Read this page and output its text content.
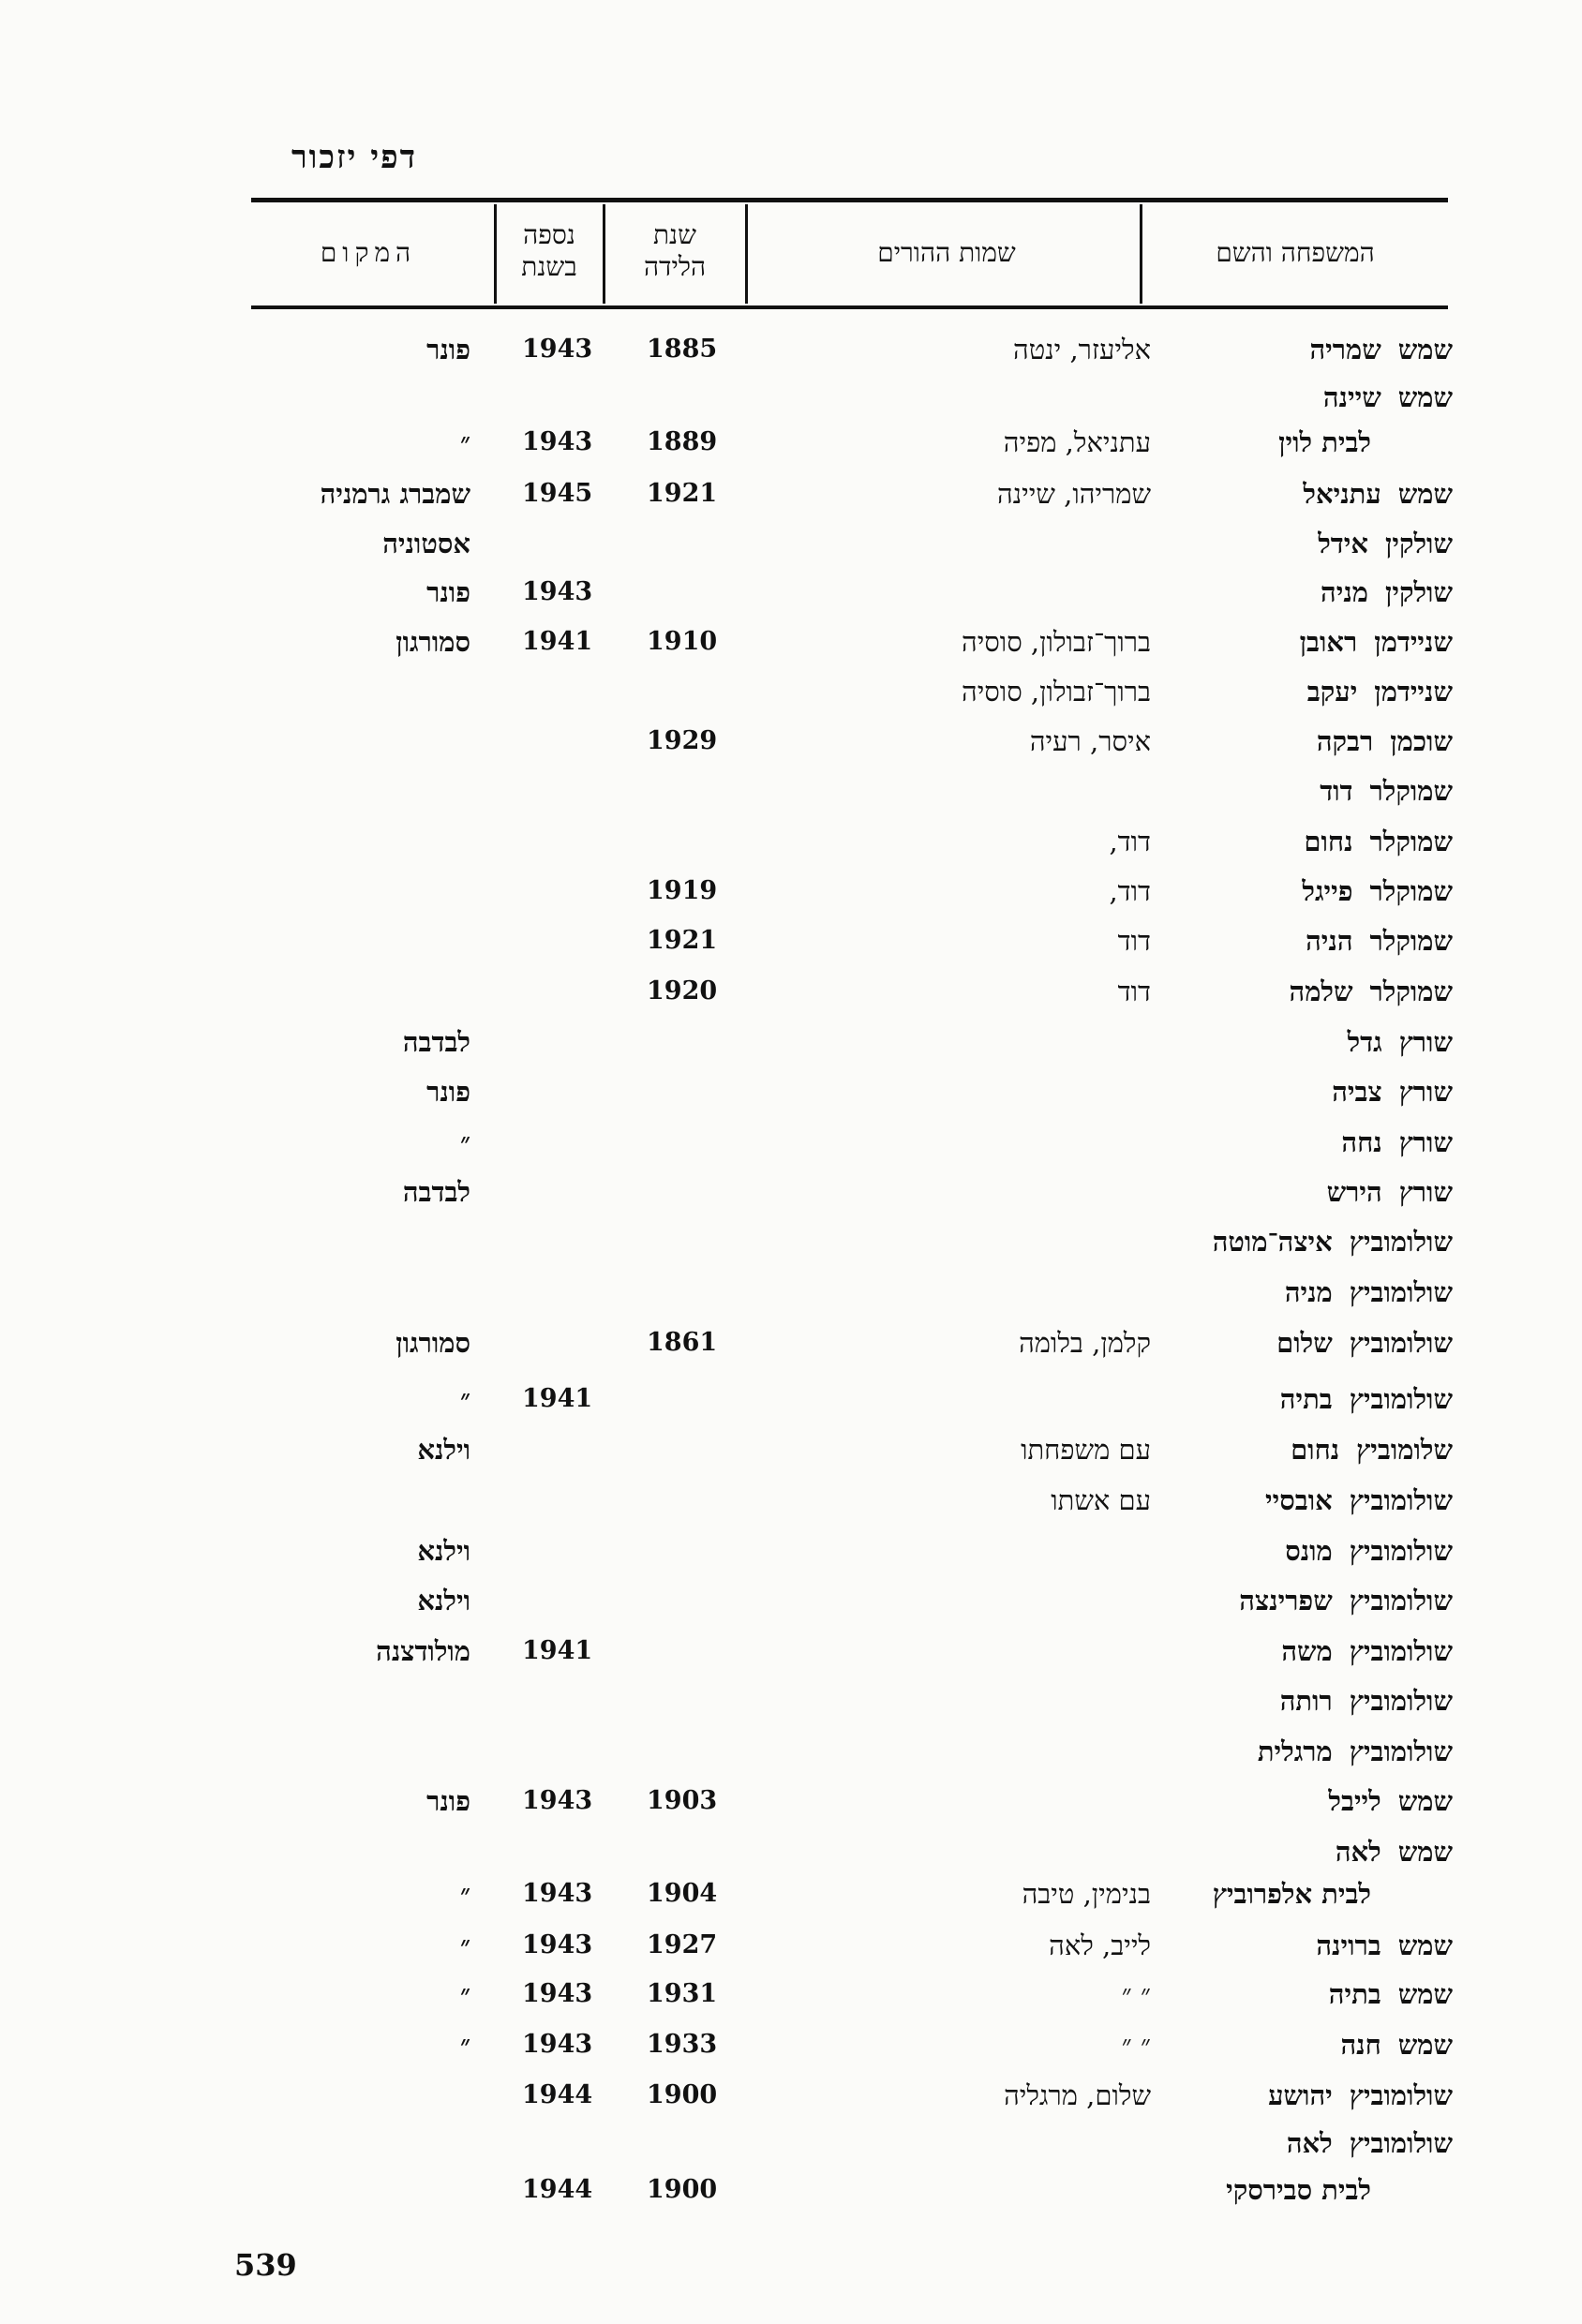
דפי יזכור
המשפחה והשם
שמות ההורים
שנת
הלידה
נספה
בשנת
המקום
שמששמריה
אליעזר, ינטה
1885
1943
פונר
שמששיינה
לבית לוין
עתניאל, מפיה
1889
1943
״
שמשעתניאל
שמריהו, שיינה
1921
1945
שמברג גרמניה
שולקיןאידל
אסטוניה
שולקיןמניה
1943
פונר
שניידמןראובן
ברוך־זבולון, סוסיה
1910
1941
סמורגון
שניידמןיעקב
ברוך־זבולון, סוסיה
שוכמןרבקה
איסר, רעיה
1929
שמוקלרדוד
שמוקלרנחום
דוד,
שמוקלרפייגל
דוד,
1919
שמוקלרהניה
דוד
1921
שמוקלרשלמה
דוד
1920
שורץגדל
לבדבה
שורץצביה
פונר
שורץנחה
״
שורץהירש
לבדבה
שולומוביץאיצה־מוטה
שולומוביץמניה
שולומוביץשלום
קלמן, בלומה
1861
סמורגון
שולומוביץבתיה
1941
״
שלומוביץנחום
עם משפחתו
וילנא
שולומוביץאובסיי
עם אשתו
שולומוביץמונס
וילנא
שולומוביץשפרינצה
וילנא
שולומוביץמשה
1941
מולודצנה
שולומוביץרותה
שולומוביץמרגלית
שמשלייבל
1903
1943
פונר
שמשלאה
לבית אלפרוביץ
בנימין, טיבה
1904
1943
״
שמשברוינה
לייב, לאה
1927
1943
״
שמשבתיה
״ ״
1931
1943
״
שמשחנה
״ ״
1933
1943
״
שולומוביץיהושע
שלום, מרגליה
1900
1944
שולומוביץלאה
לבית סבירסקי
1900
1944
539
